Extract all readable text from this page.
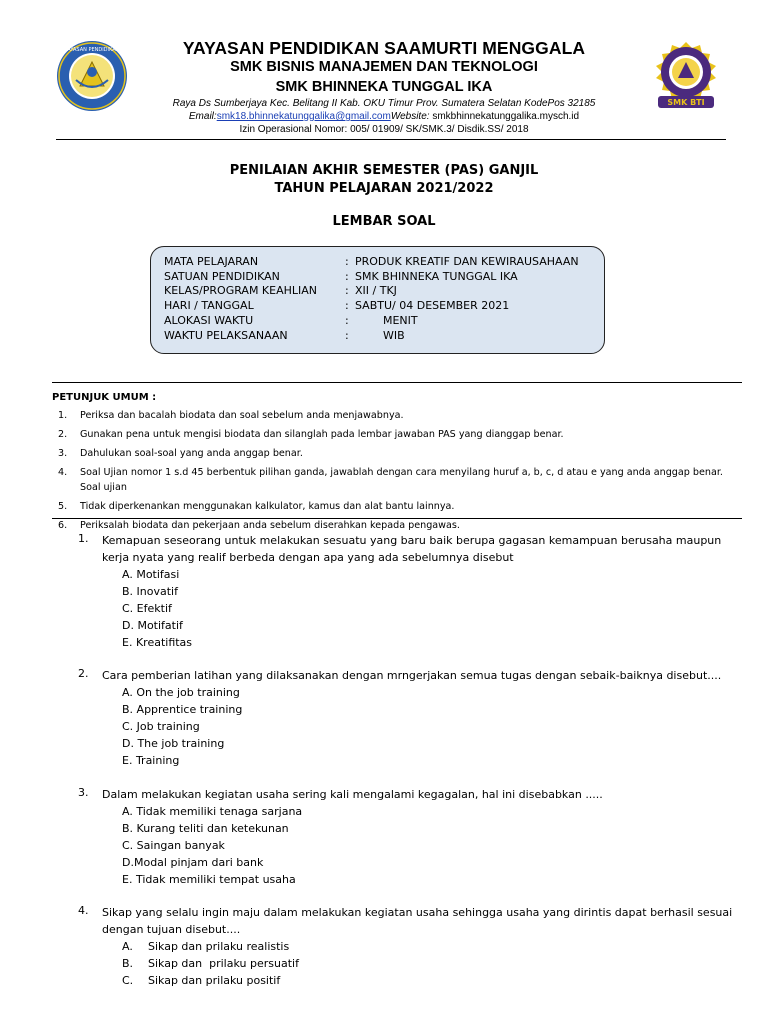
YAYASAN PENDIDIKAN
SMK BTI
YAYASAN PENDIDIKAN SAAMURTI MENGGALA
SMK BISNIS MANAJEMEN DAN TEKNOLOGI
SMK BHINNEKA TUNGGAL IKA
Raya Ds Sumberjaya Kec. Belitang II Kab. OKU Timur Prov. Sumatera Selatan KodePos 32185
Email:smk18.bhinnekatunggalika@gmail.comWebsite: smkbhinnekatunggalika.mysch.id
Izin Operasional Nomor: 005/ 01909/ SK/SMK.3/ Disdik.SS/ 2018
PENILAIAN AKHIR SEMESTER (PAS) GANJIL
TAHUN PELAJARAN 2021/2022
LEMBAR SOAL
MATA PELAJARAN	: PRODUK KREATIF DAN KEWIRAUSAHAAN
SATUAN PENDIDIKAN	: SMK BHINNEKA TUNGGAL IKA
KELAS/PROGRAM KEAHLIAN	: XII / TKJ
HARI / TANGGAL	: SABTU/ 04 DESEMBER 2021
ALOKASI WAKTU	: MENIT
WAKTU PELAKSANAAN	: WIB
PETUNJUK UMUM :
1. Periksa dan bacalah biodata dan soal sebelum anda menjawabnya.
2. Gunakan pena untuk mengisi biodata dan silanglah pada lembar jawaban PAS yang dianggap benar.
3. Dahulukan soal-soal yang anda anggap benar.
4. Soal Ujian nomor 1 s.d 45 berbentuk pilihan ganda, jawablah dengan cara menyilang huruf a, b, c, d atau e yang anda anggap benar. Soal ujian
5. Tidak diperkenankan menggunakan kalkulator, kamus dan alat bantu lainnya.
6. Periksalah biodata dan pekerjaan anda sebelum diserahkan kepada pengawas.
1.	Kemapuan seseorang untuk melakukan sesuatu yang baru baik berupa gagasan kemampuan berusaha maupun kerja nyata yang realif berbeda dengan apa yang ada sebelumnya disebut
A. Motifasi
B. Inovatif
C. Efektif
D. Motifatif
E. Kreatifitas
2.	Cara pemberian latihan yang dilaksanakan dengan mrngerjakan semua tugas dengan sebaik-baiknya disebut....
A. On the job training
B. Apprentice training
C. Job training
D. The job training
E. Training
3.	Dalam melakukan kegiatan usaha sering kali mengalami kegagalan, hal ini disebabkan .....
A. Tidak memiliki tenaga sarjana
B. Kurang teliti dan ketekunan
C. Saingan banyak
D.Modal pinjam dari bank
E. Tidak memiliki tempat usaha
4.	Sikap yang selalu ingin maju dalam melakukan kegiatan usaha sehingga usaha yang dirintis dapat berhasil sesuai dengan tujuan disebut....
A. Sikap dan prilaku realistis
B. Sikap dan  prilaku persuatif
C. Sikap dan prilaku positif
